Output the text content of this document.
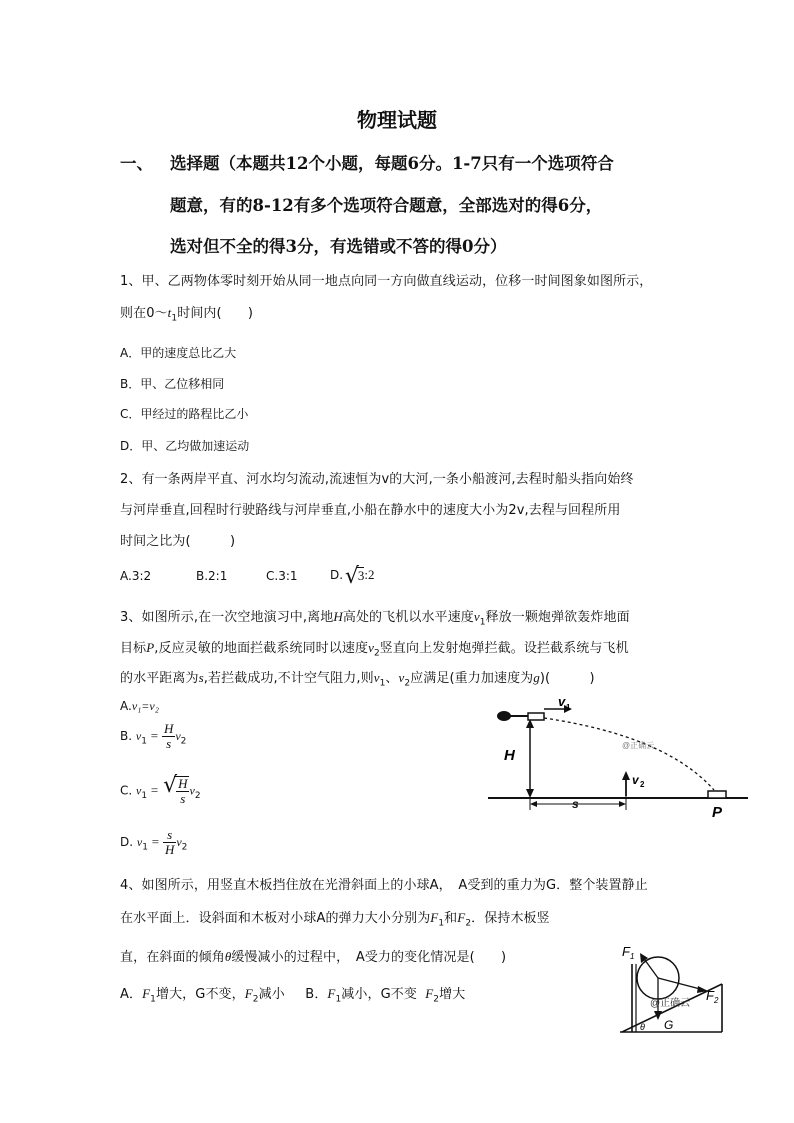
物理试题
一、 选择题（本题共12个小题，每题6分。1-7只有一个选项符合
题意，有的8-12有多个选项符合题意，全部选对的得6分，
选对但不全的得3分，有选错或不答的得0分）
1、甲、乙两物体零时刻开始从同一地点向同一方向做直线运动，位移一时间图象如图所示，
则在$0\sim t_1$时间内(　　)
A．甲的速度总比乙大
B．甲、乙位移相同
C．甲经过的路程比乙小
D．甲、乙均做加速运动
2、有一条两岸平直、河水均匀流动,流速恒为v的大河,一条小船渡河,去程时船头指向始终
与河岸垂直,回程时行驶路线与河岸垂直,小船在静水中的速度大小为2v,去程与回程所用
时间之比为(　　　)
A.3:2	B.2:1	C.3:1	D. √ 3:2
3、如图所示,在一次空地演习中,离地H高处的飞机以水平速度$v_1$释放一颗炮弹欲轰炸地面
目标P,反应灵敏的地面拦截系统同时以速度$v_2$竖直向上发射炮弹拦截。设拦截系统与飞机
的水平距离为s,若拦截成功,不计空气阻力,则$v_1$、$v_2$应满足(重力加速度为g)(　　　)
A.v₁=v₂
B. $v_1 = \frac{H}{s} v_2$
C. $v_1$ = √ $\frac{H}{s} v_2$
D. $v_1 = \frac{s}{H} v_2$
v 1
H
@正确云
v 2
s	P
4、如图所示，用竖直木板挡住放在光滑斜面上的小球A，　A受到的重力为G．整个装置静止
在水平面上．设斜面和木板对小球A的弹力大小分别为$F_1$和$F_2$．保持木板竖
直，在斜面的倾角θ缓慢减小的过程中，　A受力的变化情况是(　　)
A．$F_1$增大，G不变，$F_2$减小 B．$F_1$减小，G不变 $F_2$增大
F 1
F 2
G
θ
@正确云
